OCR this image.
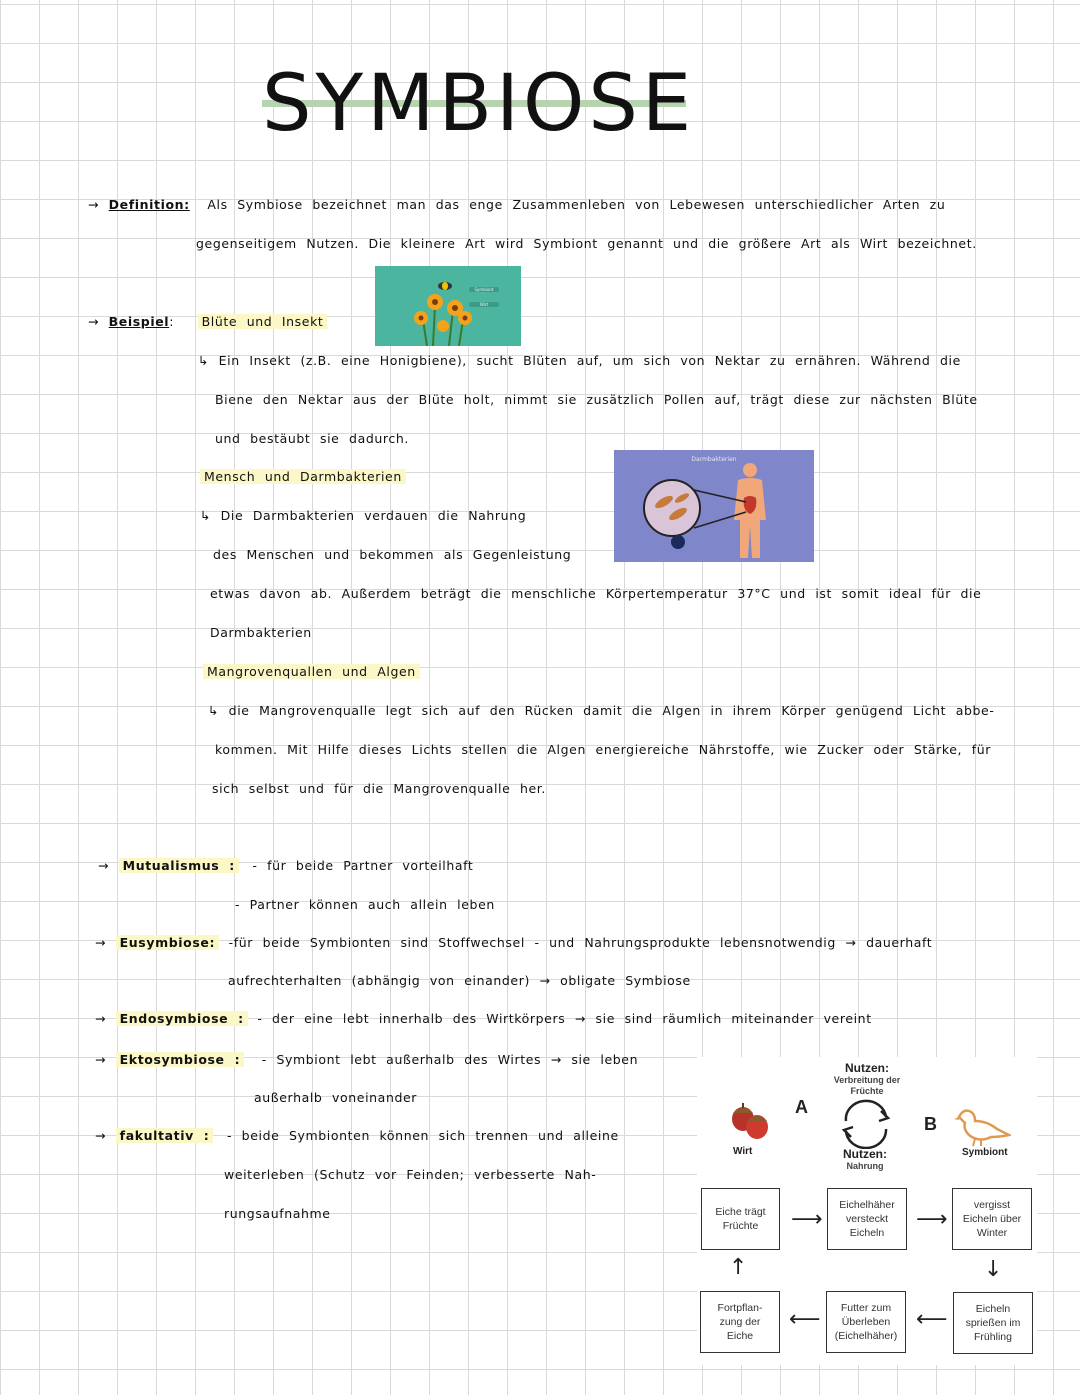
SYMBIOSE
→ Definition: Als Symbiose bezeichnet man das enge Zusammenleben von Lebewesen unterschiedlicher Arten zu
gegenseitigem Nutzen. Die kleinere Art wird Symbiont genannt und die größere Art als Wirt bezeichnet.
Symbiont
Wirt
→ Beispiel: Blüte und Insekt
↳ Ein Insekt (z.B. eine Honigbiene), sucht Blüten auf, um sich von Nektar zu ernähren. Während die
Biene den Nektar aus der Blüte holt, nimmt sie zusätzlich Pollen auf, trägt diese zur nächsten Blüte
und bestäubt sie dadurch.
Mensch und Darmbakterien
↳ Die Darmbakterien verdauen die Nahrung
des Menschen und bekommen als Gegenleistung
etwas davon ab. Außerdem beträgt die menschliche Körpertemperatur 37°C und ist somit ideal für die
Darmbakterien
Darmbakterien
Mangrovenquallen und Algen
↳ die Mangrovenqualle legt sich auf den Rücken damit die Algen in ihrem Körper genügend Licht abbe-
kommen. Mit Hilfe dieses Lichts stellen die Algen energiereiche Nährstoffe, wie Zucker oder Stärke, für
sich selbst und für die Mangrovenqualle her.
→ Mutualismus : - für beide Partner vorteilhaft
- Partner können auch allein leben
→ Eusymbiose: -für beide Symbionten sind Stoffwechsel - und Nahrungsprodukte lebensnotwendig → dauerhaft
aufrechterhalten (abhängig von einander) → obligate Symbiose
→ Endosymbiose : - der eine lebt innerhalb des Wirtkörpers → sie sind räumlich miteinander vereint
→ Ektosymbiose : - Symbiont lebt außerhalb des Wirtes → sie leben
außerhalb voneinander
→ fakultativ : - beide Symbionten können sich trennen und alleine
weiterleben (Schutz vor Feinden; verbesserte Nah-
rungsaufnahme
Nutzen:
Verbreitung der Früchte
A
B
Wirt	Nutzen:
Nahrung
Symbiont
Eiche trägt
Früchte
Eichelhäher
versteckt
Eicheln
vergisst
Eicheln über
Winter
Eicheln
sprießen im
Frühling
Futter zum
Überleben
(Eichelhäher)
Fortpflan-
zung der
Eiche
⟶	⟶
↓
⟵
⟵
↑
